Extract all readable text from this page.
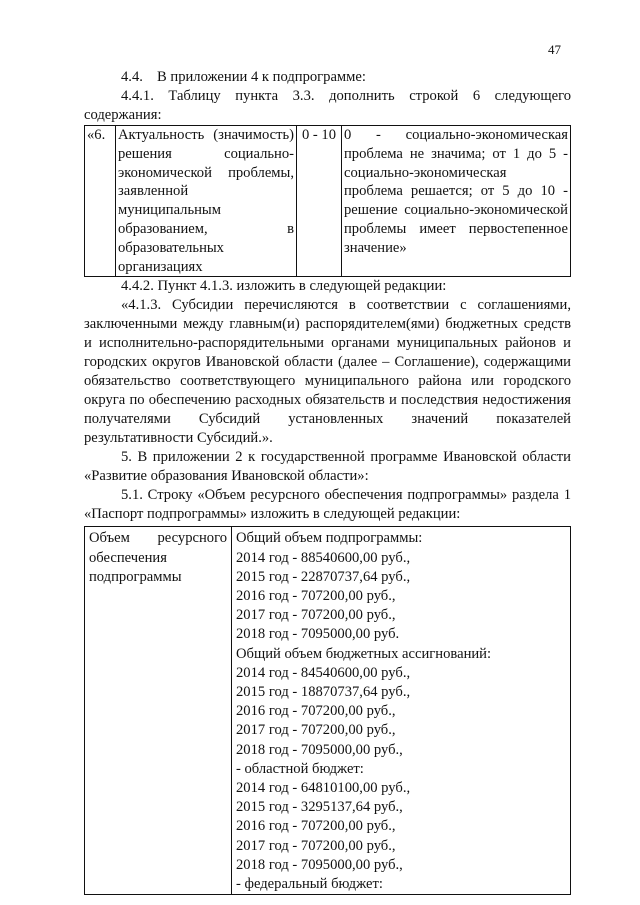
47

4.4. В приложении 4 к подпрограмме:

4.4.1. Таблицу пункта 3.3. дополнить строкой 6 следующего содержания:

«6.	Актуальность (значимость) решения социально-экономической проблемы, заявленной муниципальным образованием, в образовательных организациях	0 - 10	0 - социально-экономическая проблема не значима; от 1 до 5 - социально-экономическая проблема решается; от 5 до 10 - решение социально-экономической проблемы имеет первостепенное значение»

4.4.2. Пункт 4.1.3. изложить в следующей редакции:

«4.1.3. Субсидии перечисляются в соответствии с соглашениями, заключенными между главным(и) распорядителем(ями) бюджетных средств и исполнительно-распорядительными органами муниципальных районов и городских округов Ивановской области (далее – Соглашение), содержащими обязательство соответствующего муниципального района или городского округа по обеспечению расходных обязательств и последствия недостижения получателями Субсидий установленных значений показателей результативности Субсидий.».

5. В приложении 2 к государственной программе Ивановской области «Развитие образования Ивановской области»:

5.1. Строку «Объем ресурсного обеспечения подпрограммы» раздела 1 «Паспорт подпрограммы» изложить в следующей редакции:

Объем ресурсного обеспечения подпрограммы	
Общий объем подпрограммы:
2014 год - 88540600,00 руб.,
2015 год - 22870737,64 руб.,
2016 год - 707200,00 руб.,
2017 год - 707200,00 руб.,
2018 год - 7095000,00 руб.
Общий объем бюджетных ассигнований:
2014 год - 84540600,00 руб.,
2015 год - 18870737,64 руб.,
2016 год - 707200,00 руб.,
2017 год - 707200,00 руб.,
2018 год - 7095000,00 руб.,
- областной бюджет:
2014 год - 64810100,00 руб.,
2015 год - 3295137,64 руб.,
2016 год - 707200,00 руб.,
2017 год - 707200,00 руб.,
2018 год - 7095000,00 руб.,
- федеральный бюджет:
